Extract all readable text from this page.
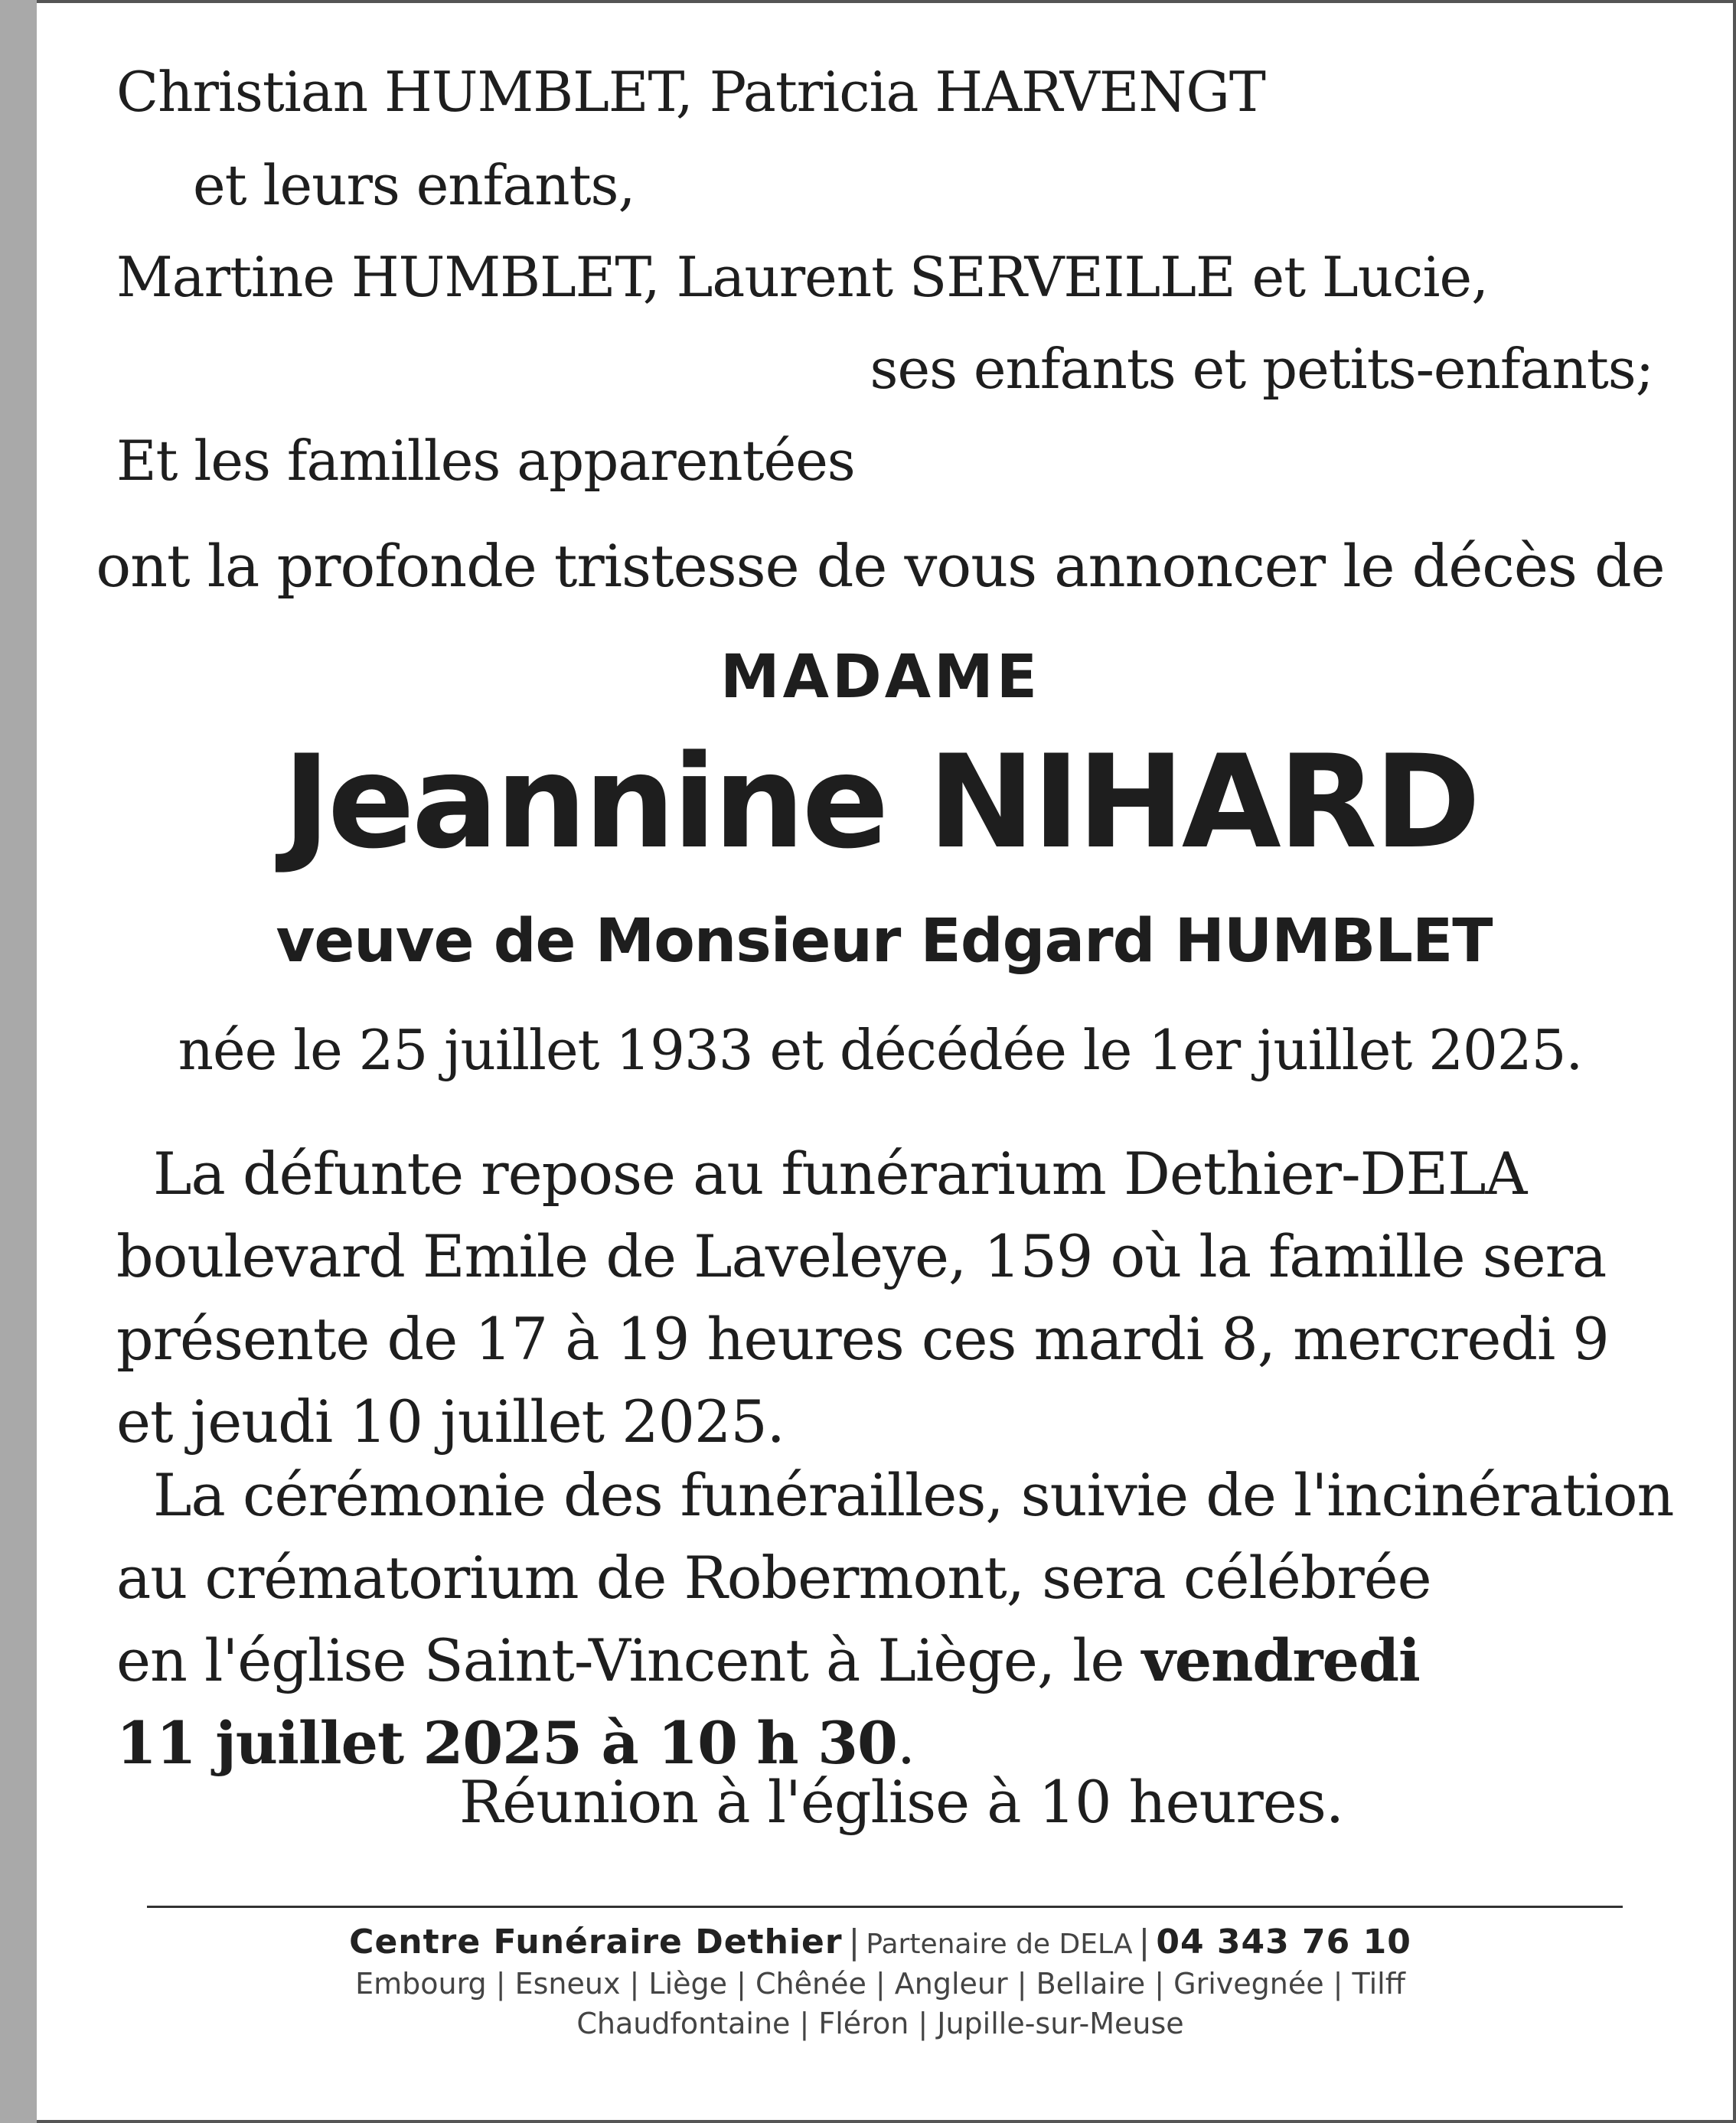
Christian HUMBLET, Patricia HARVENGT
et leurs enfants,
Martine HUMBLET, Laurent SERVEILLE et Lucie,
ses enfants et petits-enfants;
Et les familles apparentées
ont la profonde tristesse de vous annoncer le décès de
MADAME
Jeannine NIHARD
veuve de Monsieur Edgard HUMBLET
née le 25 juillet 1933 et décédée le 1er juillet 2025.
La défunte repose au funérarium Dethier-DELA
boulevard Emile de Laveleye, 159 où la famille sera
présente de 17 à 19 heures ces mardi 8, mercredi 9
et jeudi 10 juillet 2025.
La cérémonie des funérailles, suivie de l'incinération
au crématorium de Robermont, sera célébrée
en l'église Saint-Vincent à Liège, le vendredi
11 juillet 2025 à 10 h 30.
Réunion à l'église à 10 heures.
Centre Funéraire Dethier | Partenaire de DELA | 04 343 76 10
Embourg | Esneux | Liège | Chênée | Angleur | Bellaire | Grivegnée | Tilff
Chaudfontaine | Fléron | Jupille-sur-Meuse
